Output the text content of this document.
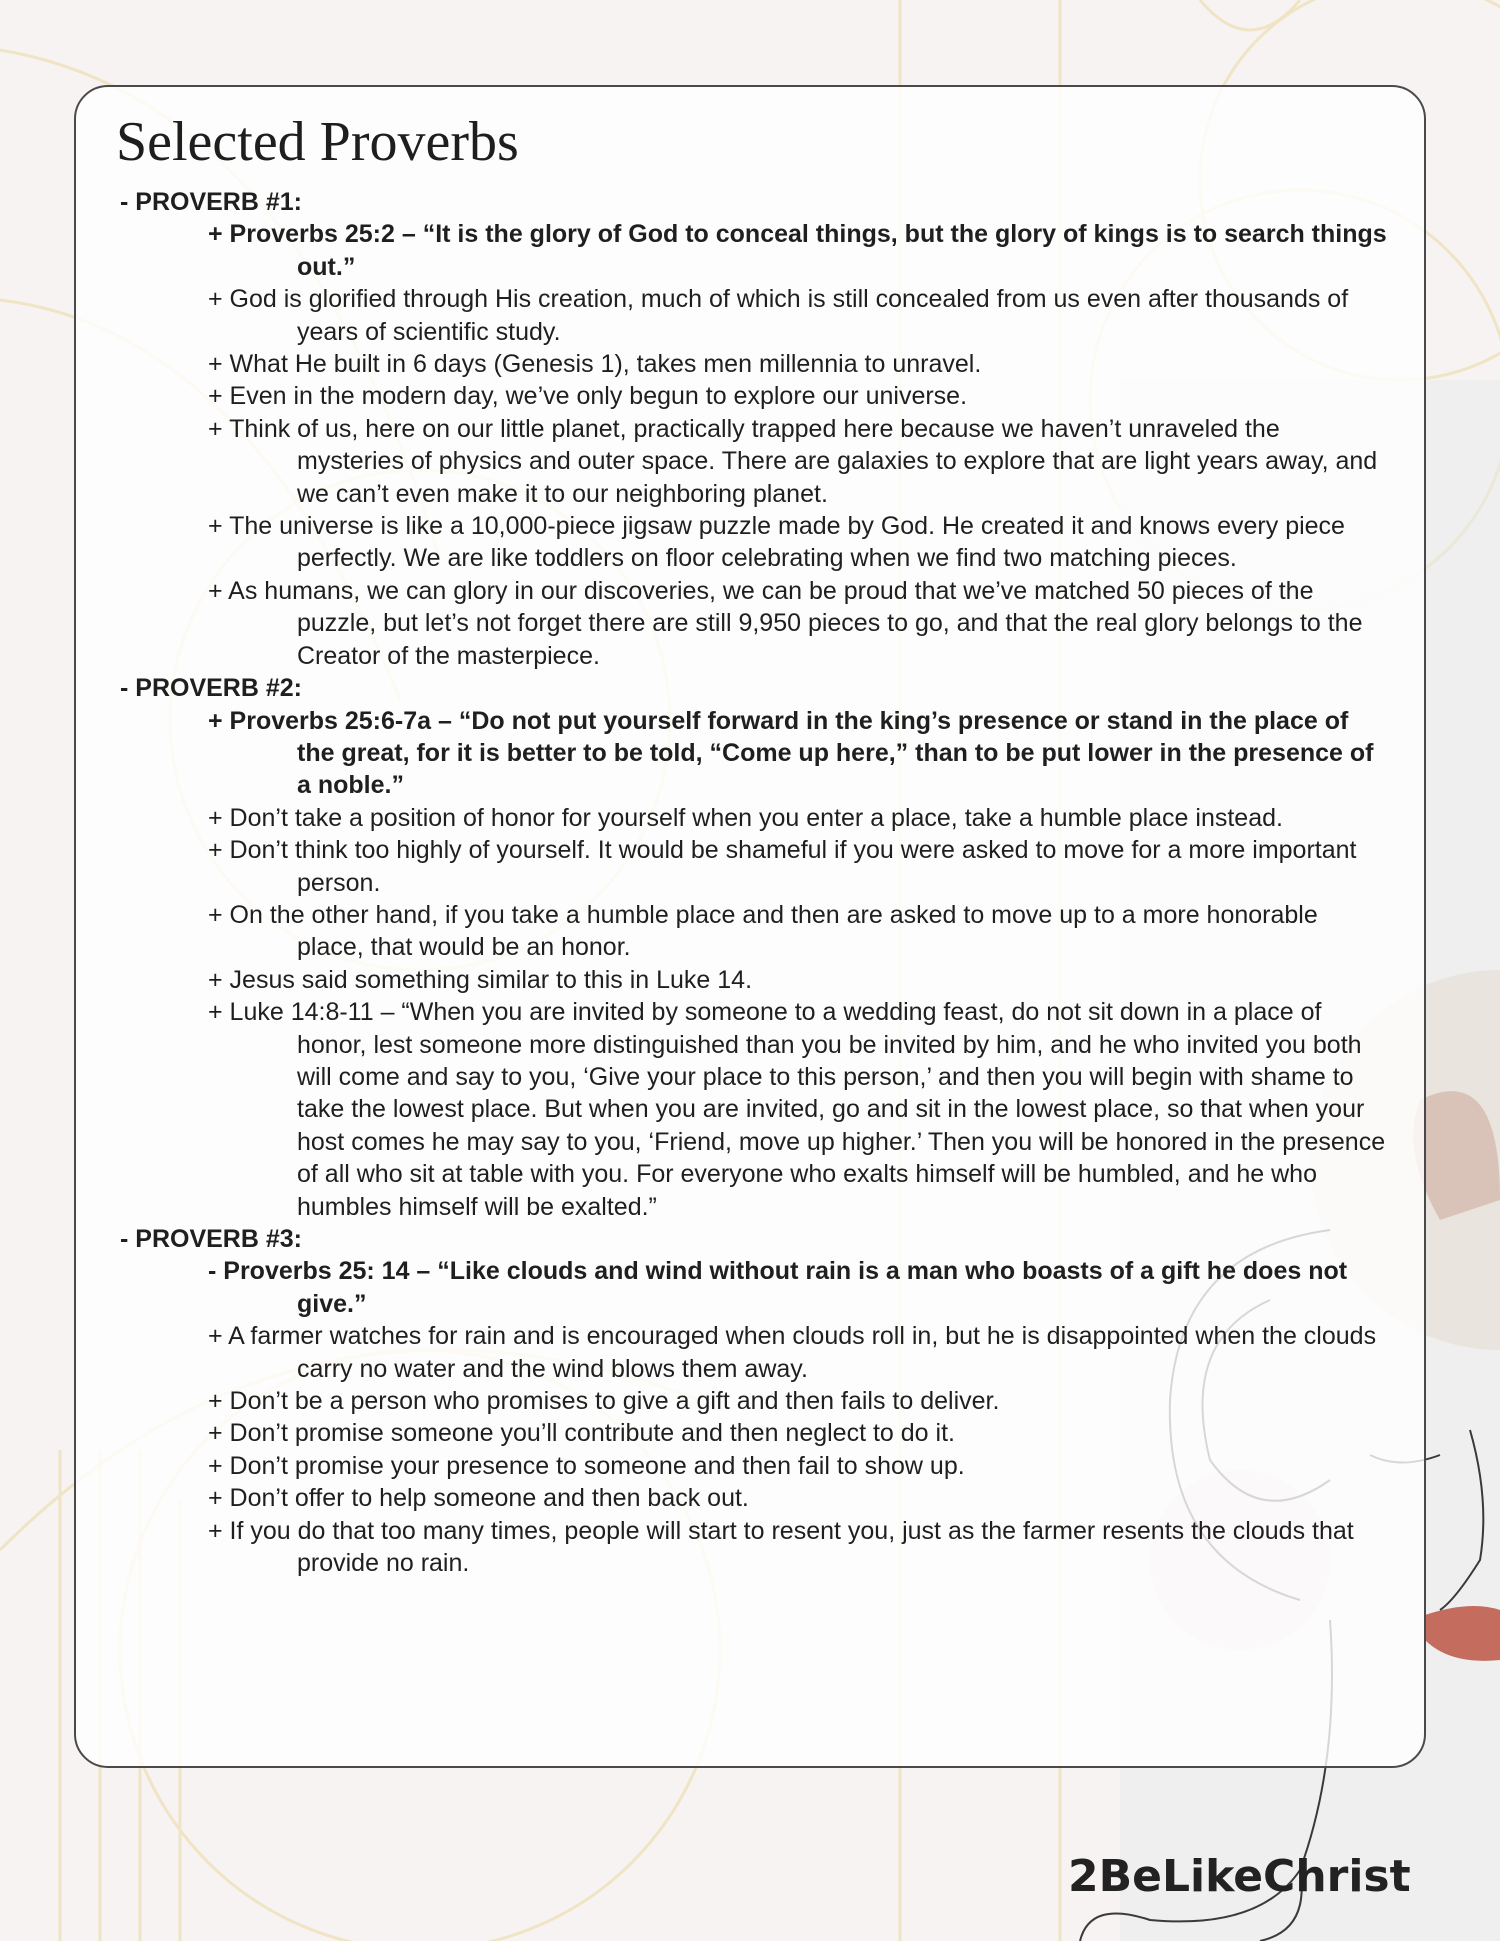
Selected Proverbs

- PROVERB #1:

+ Proverbs 25:2 – “It is the glory of God to conceal things, but the glory of kings is to search things out.”

+ God is glorified through His creation, much of which is still concealed from us even after thousands of years of scientific study.

+ What He built in 6 days (Genesis 1), takes men millennia to unravel.

+ Even in the modern day, we’ve only begun to explore our universe.

+ Think of us, here on our little planet, practically trapped here because we haven’t unraveled the mysteries of physics and outer space. There are galaxies to explore that are light years away, and we can’t even make it to our neighboring planet.

+ The universe is like a 10,000-piece jigsaw puzzle made by God. He created it and knows every piece perfectly. We are like toddlers on floor celebrating when we find two matching pieces.

+ As humans, we can glory in our discoveries, we can be proud that we’ve matched 50 pieces of the puzzle, but let’s not forget there are still 9,950 pieces to go, and that the real glory belongs to the Creator of the masterpiece.

- PROVERB #2:

+ Proverbs 25:6-7a – “Do not put yourself forward in the king’s presence or stand in the place of the great, for it is better to be told, “Come up here,” than to be put lower in the presence of a noble.”

+ Don’t take a position of honor for yourself when you enter a place, take a humble place instead.

+ Don’t think too highly of yourself. It would be shameful if you were asked to move for a more important person.

+ On the other hand, if you take a humble place and then are asked to move up to a more honorable place, that would be an honor.

+ Jesus said something similar to this in Luke 14.

+ Luke 14:8-11 – “When you are invited by someone to a wedding feast, do not sit down in a place of honor, lest someone more distinguished than you be invited by him, and he who invited you both will come and say to you, ‘Give your place to this person,’ and then you will begin with shame to take the lowest place. But when you are invited, go and sit in the lowest place, so that when your host comes he may say to you, ‘Friend, move up higher.’ Then you will be honored in the presence of all who sit at table with you. For everyone who exalts himself will be humbled, and he who humbles himself will be exalted.”

- PROVERB #3:

- Proverbs 25: 14 – “Like clouds and wind without rain is a man who boasts of a gift he does not give.”

+ A farmer watches for rain and is encouraged when clouds roll in, but he is disappointed when the clouds carry no water and the wind blows them away.

+ Don’t be a person who promises to give a gift and then fails to deliver.

+ Don’t promise someone you’ll contribute and then neglect to do it.

+ Don’t promise your presence to someone and then fail to show up.

+ Don’t offer to help someone and then back out.

+ If you do that too many times, people will start to resent you, just as the farmer resents the clouds that provide no rain.

2BeLikeChrist
